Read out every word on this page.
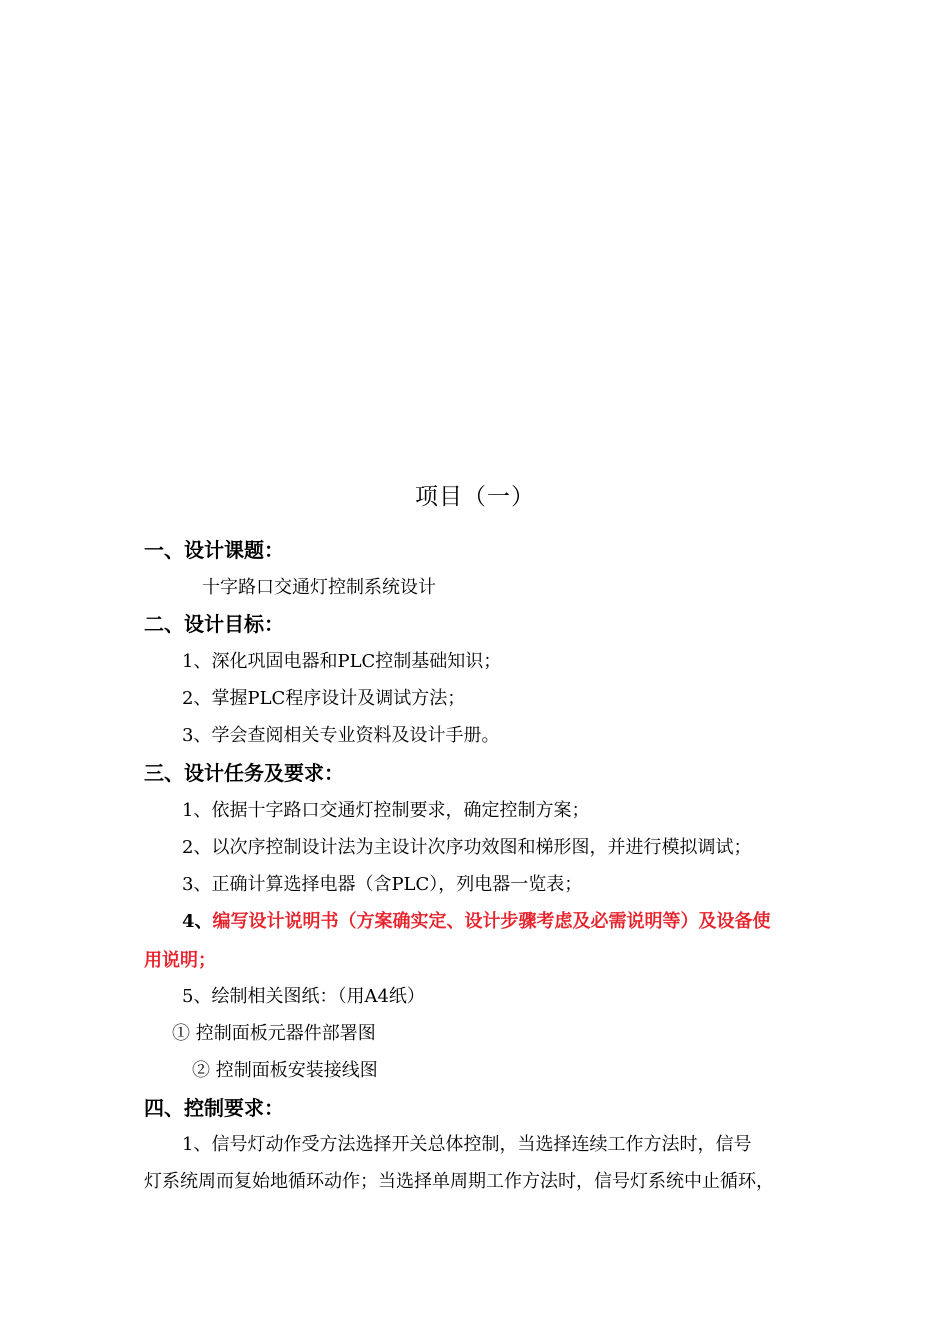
项目（一）
一、设计课题：
十字路口交通灯控制系统设计
二、设计目标：
1、深化巩固电器和PLC控制基础知识；
2、掌握PLC程序设计及调试方法；
3、学会查阅相关专业资料及设计手册。
三、设计任务及要求：
1、依据十字路口交通灯控制要求，确定控制方案；
2、以次序控制设计法为主设计次序功效图和梯形图，并进行模拟调试；
3、正确计算选择电器（含PLC），列电器一览表；
4、编写设计说明书（方案确实定、设计步骤考虑及必需说明等）及设备使
用说明；
5、绘制相关图纸：（用A4纸）
① 控制面板元器件部署图
② 控制面板安装接线图
四、控制要求：
1、信号灯动作受方法选择开关总体控制，当选择连续工作方法时，信号
灯系统周而复始地循环动作；当选择单周期工作方法时，信号灯系统中止循环，
